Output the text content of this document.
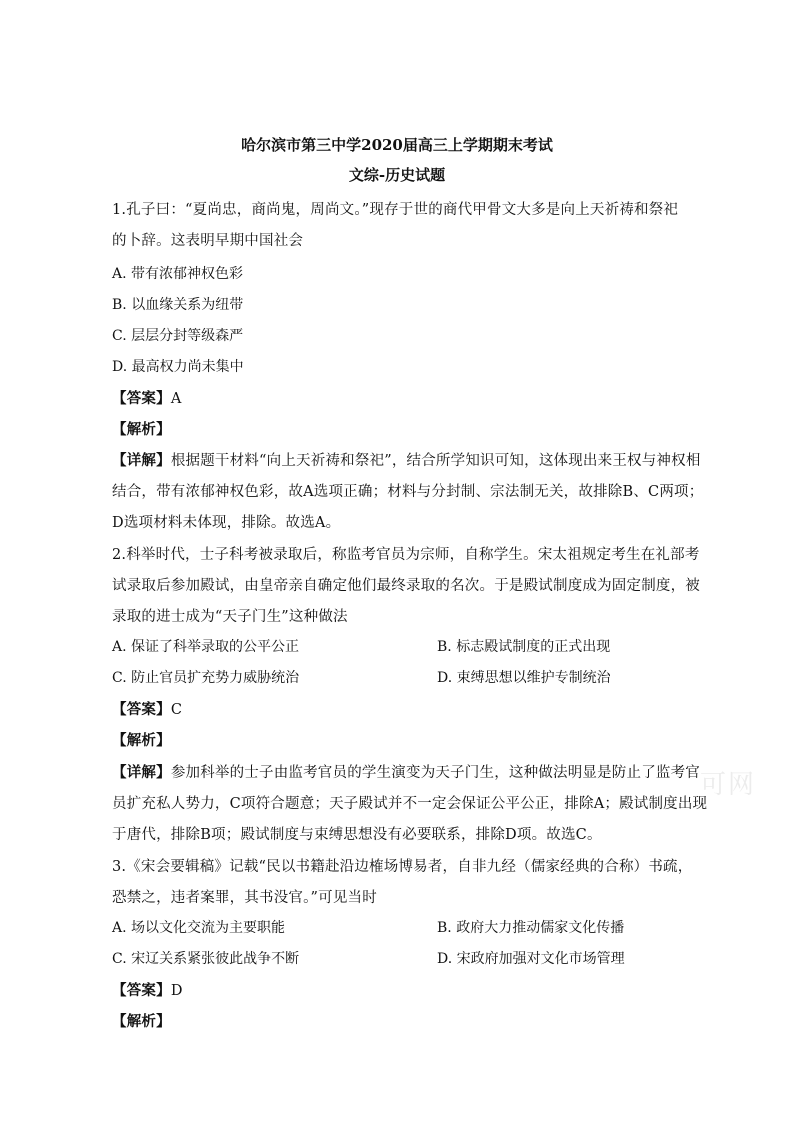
可网
哈尔滨市第三中学2020届高三上学期期末考试
文综-历史试题
1.孔子曰：“夏尚忠，商尚鬼，周尚文。”现存于世的商代甲骨文大多是向上天祈祷和祭祀
的卜辞。这表明早期中国社会
A. 带有浓郁神权色彩
B. 以血缘关系为纽带
C. 层层分封等级森严
D. 最高权力尚未集中
【答案】A
【解析】
【详解】根据题干材料“向上天祈祷和祭祀”，结合所学知识可知，这体现出来王权与神权相
结合，带有浓郁神权色彩，故A选项正确；材料与分封制、宗法制无关，故排除B、C两项；
D选项材料未体现，排除。故选A。
2.科举时代，士子科考被录取后，称监考官员为宗师，自称学生。宋太祖规定考生在礼部考
试录取后参加殿试，由皇帝亲自确定他们最终录取的名次。于是殿试制度成为固定制度，被
录取的进士成为“天子门生”这种做法
A. 保证了科举录取的公平公正	B. 标志殿试制度的正式出现
C. 防止官员扩充势力威胁统治	D. 束缚思想以维护专制统治
【答案】C
【解析】
【详解】参加科举的士子由监考官员的学生演变为天子门生，这种做法明显是防止了监考官
员扩充私人势力，C项符合题意；天子殿试并不一定会保证公平公正，排除A；殿试制度出现
于唐代，排除B项；殿试制度与束缚思想没有必要联系，排除D项。故选C。
3.《宋会要辑稿》记载“民以书籍赴沿边榷场博易者，自非九经（儒家经典的合称）书疏，
恐禁之，违者案罪，其书没官。”可见当时
A. 场以文化交流为主要职能	B. 政府大力推动儒家文化传播
C. 宋辽关系紧张彼此战争不断	D. 宋政府加强对文化市场管理
【答案】D
【解析】
